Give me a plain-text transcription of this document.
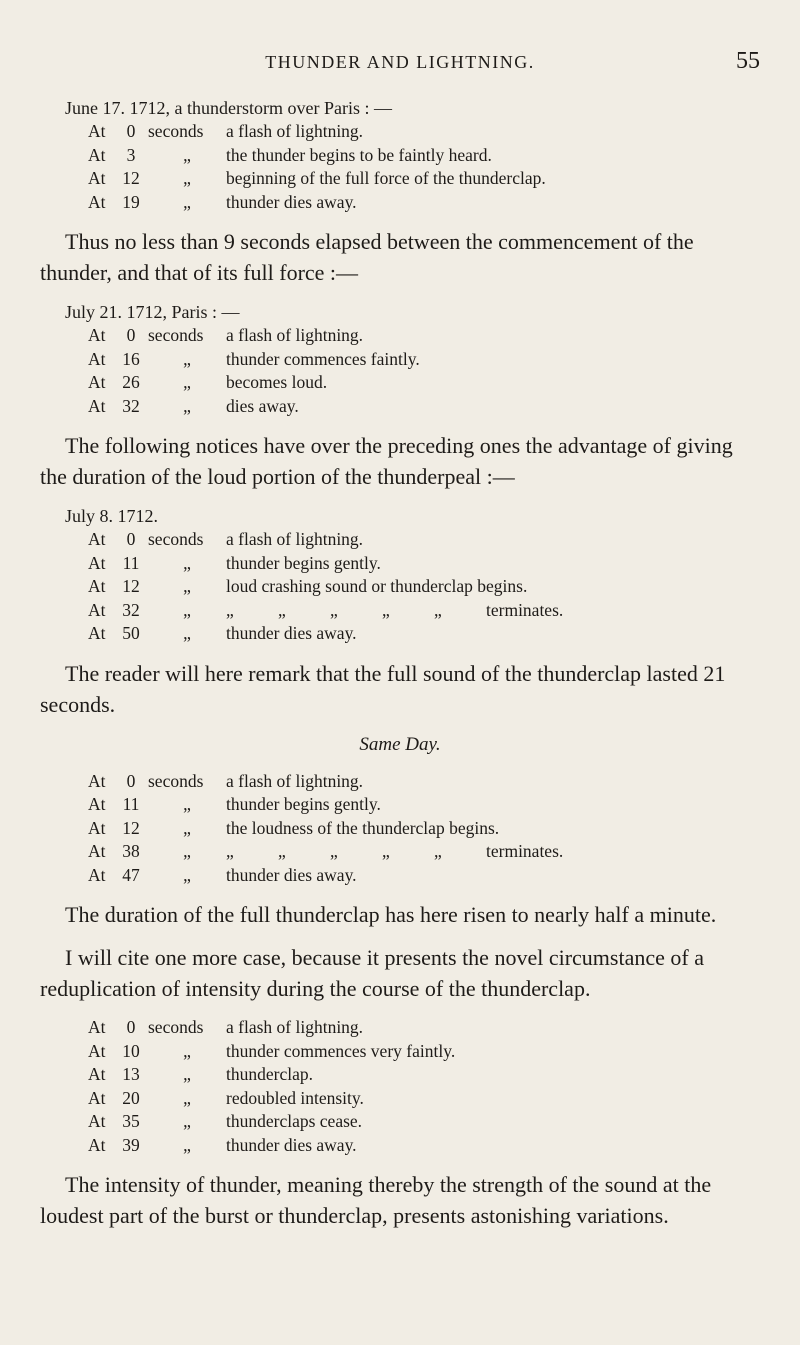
THUNDER AND LIGHTNING.	55
June 17. 1712, a thunderstorm over Paris : —
At	0 seconds	a flash of lightning.
At	3	„	the thunder begins to be faintly heard.
At 12	„	beginning of the full force of the thunderclap.
At 19	„	thunder dies away.

Thus no less than 9 seconds elapsed between the commencement of the thunder, and that of its full force :—

July 21. 1712, Paris : —
At	0 seconds	a flash of lightning.
At 16	„	thunder commences faintly.
At 26	„	becomes loud.
At 32	„	dies away.

The following notices have over the preceding ones the advantage of giving the duration of the loud portion of the thunderpeal :—

July 8. 1712.
At	0 seconds	a flash of lightning.
At 11	„	thunder begins gently.
At 12	„	loud crashing sound or thunderclap begins.
At 32	„	„	„	„	„	„	terminates.
At 50	„	thunder dies away.

The reader will here remark that the full sound of the thunderclap lasted 21 seconds.

Same Day.
At	0 seconds	a flash of lightning.
At 11	„	thunder begins gently.
At 12	„	the loudness of the thunderclap begins.
At 38	„	„	„	„	„	„	terminates.
At 47	„	thunder dies away.

The duration of the full thunderclap has here risen to nearly half a minute.

I will cite one more case, because it presents the novel circumstance of a reduplication of intensity during the course of the thunderclap.

At	0 seconds	a flash of lightning.
At 10	„	thunder commences very faintly.
At 13	„	thunderclap.
At 20	„	redoubled intensity.
At 35	„	thunderclaps cease.
At 39	„	thunder dies away.

The intensity of thunder, meaning thereby the strength of the sound at the loudest part of the burst or thunderclap, presents astonishing variations.
